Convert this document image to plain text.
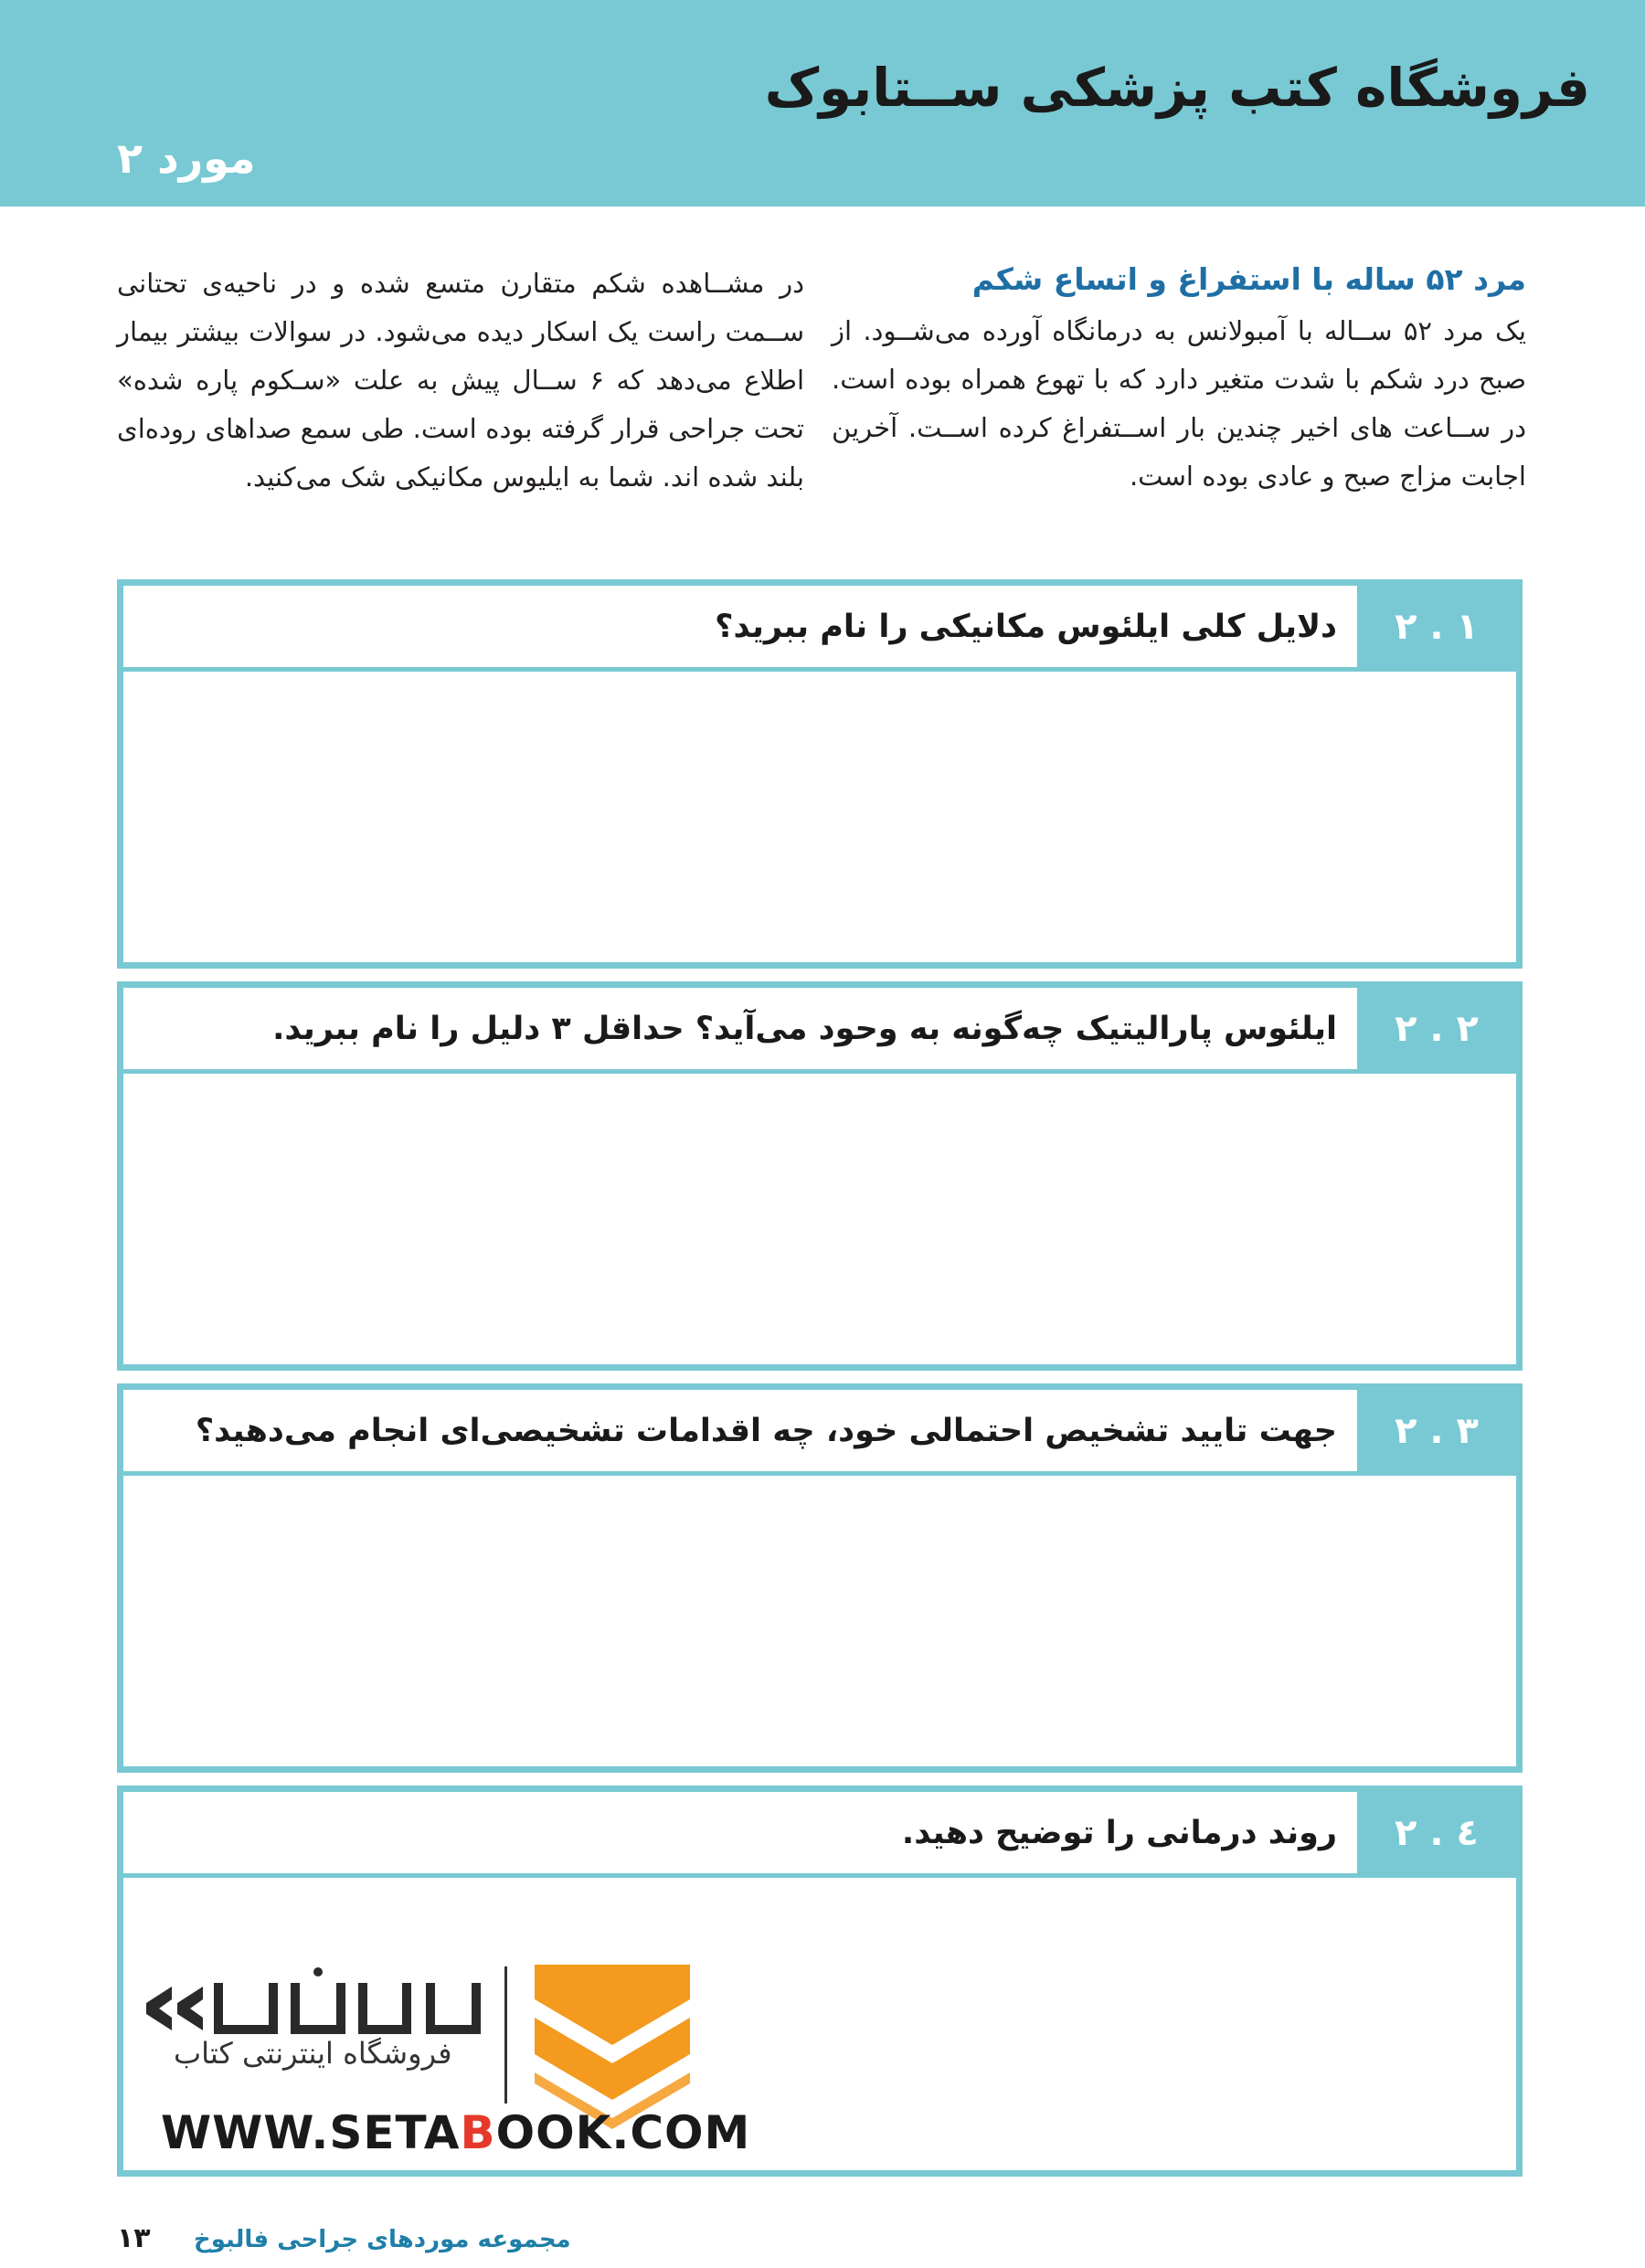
فروشگاه کتب پزشکی ســتابوک
مورد ۲

مرد ۵۲ ساله با استفراغ و اتساع شکم

یک مرد ۵۲ ســاله با آمبولانس به درمانگاه آورده می‌شــود. از صبح درد شکم با شدت متغیر دارد که با تهوع همراه بوده است. در ســاعت های اخیر چندین بار اســتفراغ کرده اســت. آخرین اجابت مزاج صبح و عادی بوده است.

در مشــاهده شکم متقارن متسع شده و در ناحیه‌ی تحتانی ســمت راست یک اسکار دیده می‌شود. در سوالات بیشتر بیمار اطلاع می‌دهد که ۶ ســال پیش به علت «سـکوم پاره شده» تحت جراحی قرار گرفته بوده است. طی سمع صداهای روده‌ای بلند شده اند. شما به ایلیوس مکانیکی شک می‌کنید.
۲ . ۱
دلایل کلی ایلئوس مکانیکی را نام ببرید؟
۲ . ۲
ایلئوس پارالیتیک چه‌گونه به وحود می‌آید؟ حداقل ۳ دلیل را نام ببرید.
۲ . ۳
جهت تایید تشخیص احتمالی خود، چه اقدامات تشخیصی‌ای انجام می‌دهید؟
۲ . ٤
روند درمانی را توضیح دهید.
فروشگاه اینترنتی کتاب
WWW.SETABOOK.COM
۱۳ مجموعه موردهای جراحی فالبوخ
